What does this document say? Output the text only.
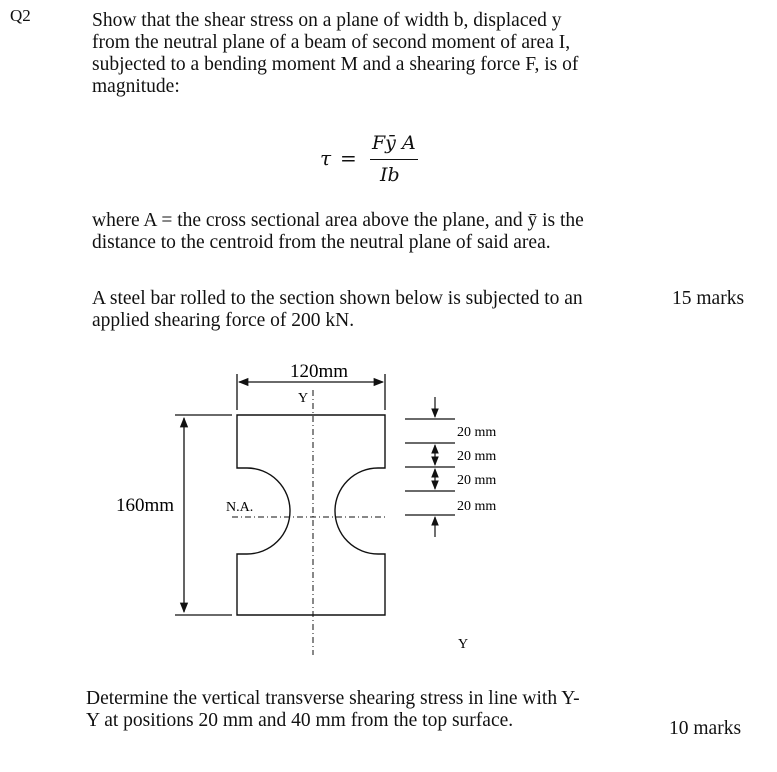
Q2	Show that the shear stress on a plane of width b, displaced y
from the neutral plane of a beam of second moment of area I,
subjected to a bending moment M and a shearing force F, is of
magnitude:
τ =
Fȳ A
Ib
where A = the cross sectional area above the plane, and ȳ is the
distance to the centroid from the neutral plane of said area.
A steel bar rolled to the section shown below is subjected to an
applied shearing force of 200 kN.
15 marks
120mm
Y
160mm	N.A.
20 mm
20 mm
20 mm
20 mm
Y
Determine the vertical transverse shearing stress in line with Y-
Y at positions 20 mm and 40 mm from the top surface.	10 marks
